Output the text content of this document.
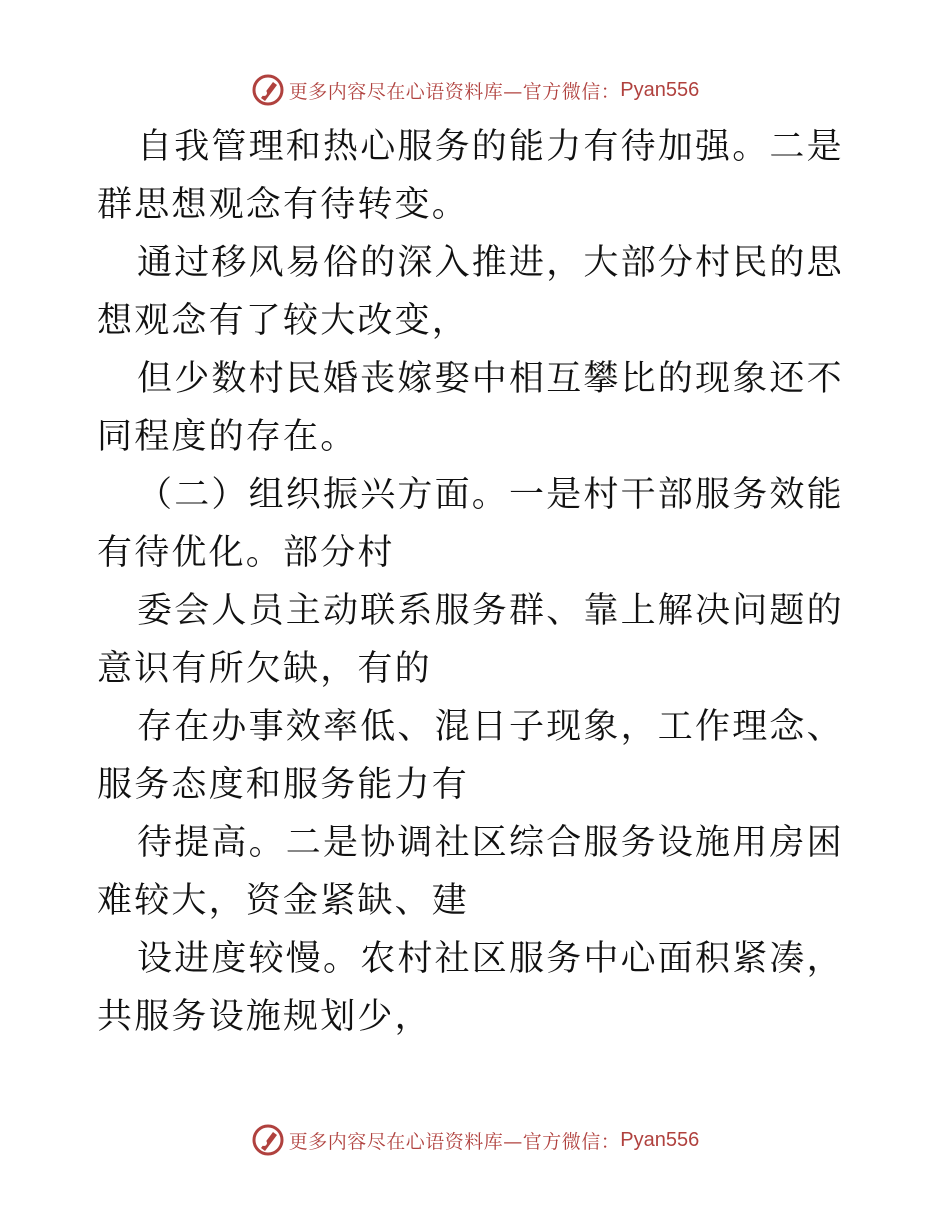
更多内容尽在心语资料库—官方微信： Pyan556

自我管理和热心服务的能力有待加强。二是群思想观念有待转变。

通过移风易俗的深入推进，大部分村民的思想观念有了较大改变，

但少数村民婚丧嫁娶中相互攀比的现象还不同程度的存在。

（二）组织振兴方面。一是村干部服务效能有待优化。部分村

委会人员主动联系服务群、靠上解决问题的意识有所欠缺，有的

存在办事效率低、混日子现象，工作理念、服务态度和服务能力有

待提高。二是协调社区综合服务设施用房困难较大，资金紧缺、建

设进度较慢。农村社区服务中心面积紧凑，共服务设施规划少，

更多内容尽在心语资料库—官方微信： Pyan556
